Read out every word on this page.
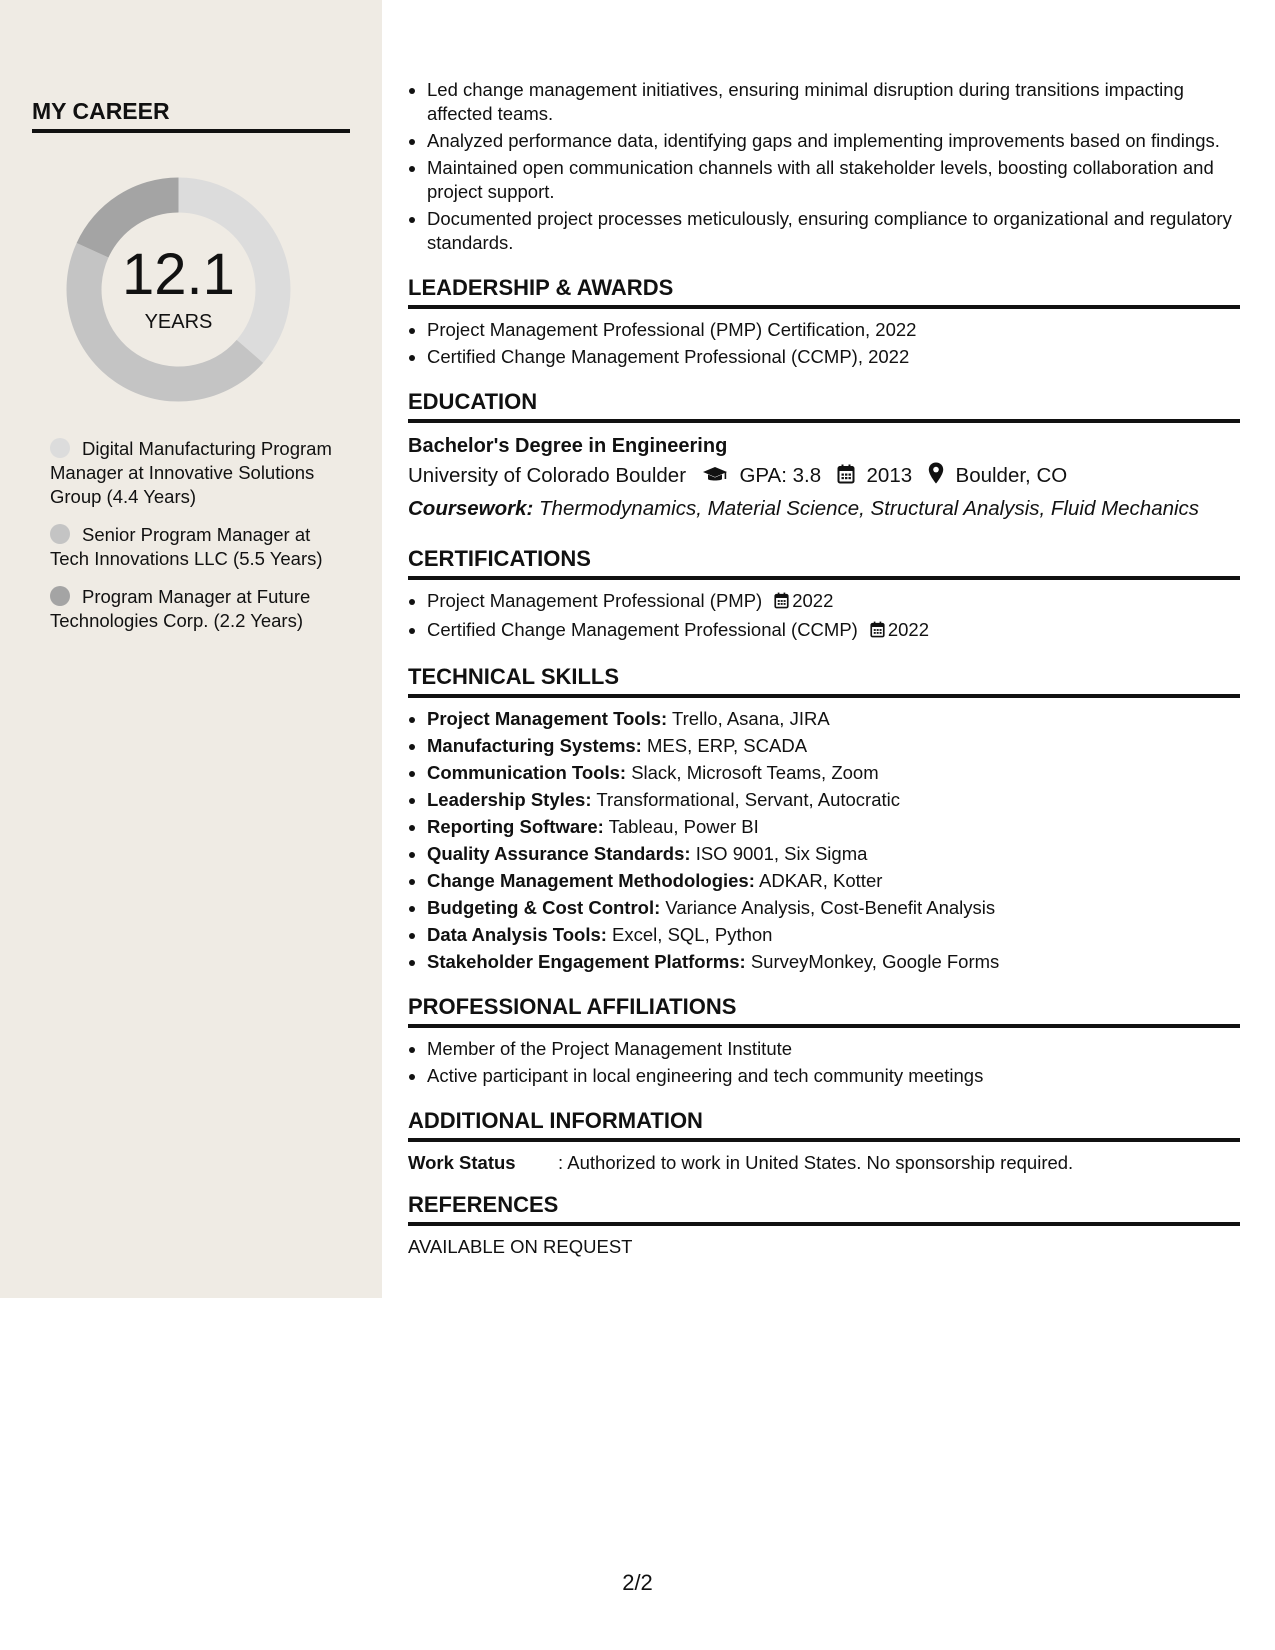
MY CAREER
12.1
YEARS
Digital Manufacturing Program Manager at Innovative Solutions Group (4.4 Years)
Senior Program Manager at Tech Innovations LLC (5.5 Years)
Program Manager at Future Technologies Corp. (2.2 Years)
• Led change management initiatives, ensuring minimal disruption during transitions impacting affected teams.
• Analyzed performance data, identifying gaps and implementing improvements based on findings.
• Maintained open communication channels with all stakeholder levels, boosting collaboration and project support.
• Documented project processes meticulously, ensuring compliance to organizational and regulatory standards.
LEADERSHIP & AWARDS
• Project Management Professional (PMP) Certification, 2022
• Certified Change Management Professional (CCMP), 2022
EDUCATION
Bachelor's Degree in Engineering
University of Colorado Boulder	GPA: 3.8 2013 Boulder, CO
Coursework: Thermodynamics, Material Science, Structural Analysis, Fluid Mechanics
CERTIFICATIONS
• Project Management Professional (PMP) 2022
• Certified Change Management Professional (CCMP) 2022
TECHNICAL SKILLS
• Project Management Tools: Trello, Asana, JIRA
• Manufacturing Systems: MES, ERP, SCADA
• Communication Tools: Slack, Microsoft Teams, Zoom
• Leadership Styles: Transformational, Servant, Autocratic
• Reporting Software: Tableau, Power BI
• Quality Assurance Standards: ISO 9001, Six Sigma
• Change Management Methodologies: ADKAR, Kotter
• Budgeting & Cost Control: Variance Analysis, Cost-Benefit Analysis
• Data Analysis Tools: Excel, SQL, Python
• Stakeholder Engagement Platforms: SurveyMonkey, Google Forms
PROFESSIONAL AFFILIATIONS
• Member of the Project Management Institute
• Active participant in local engineering and tech community meetings
ADDITIONAL INFORMATION
Work Status : Authorized to work in United States. No sponsorship required.
REFERENCES
AVAILABLE ON REQUEST
2/2
